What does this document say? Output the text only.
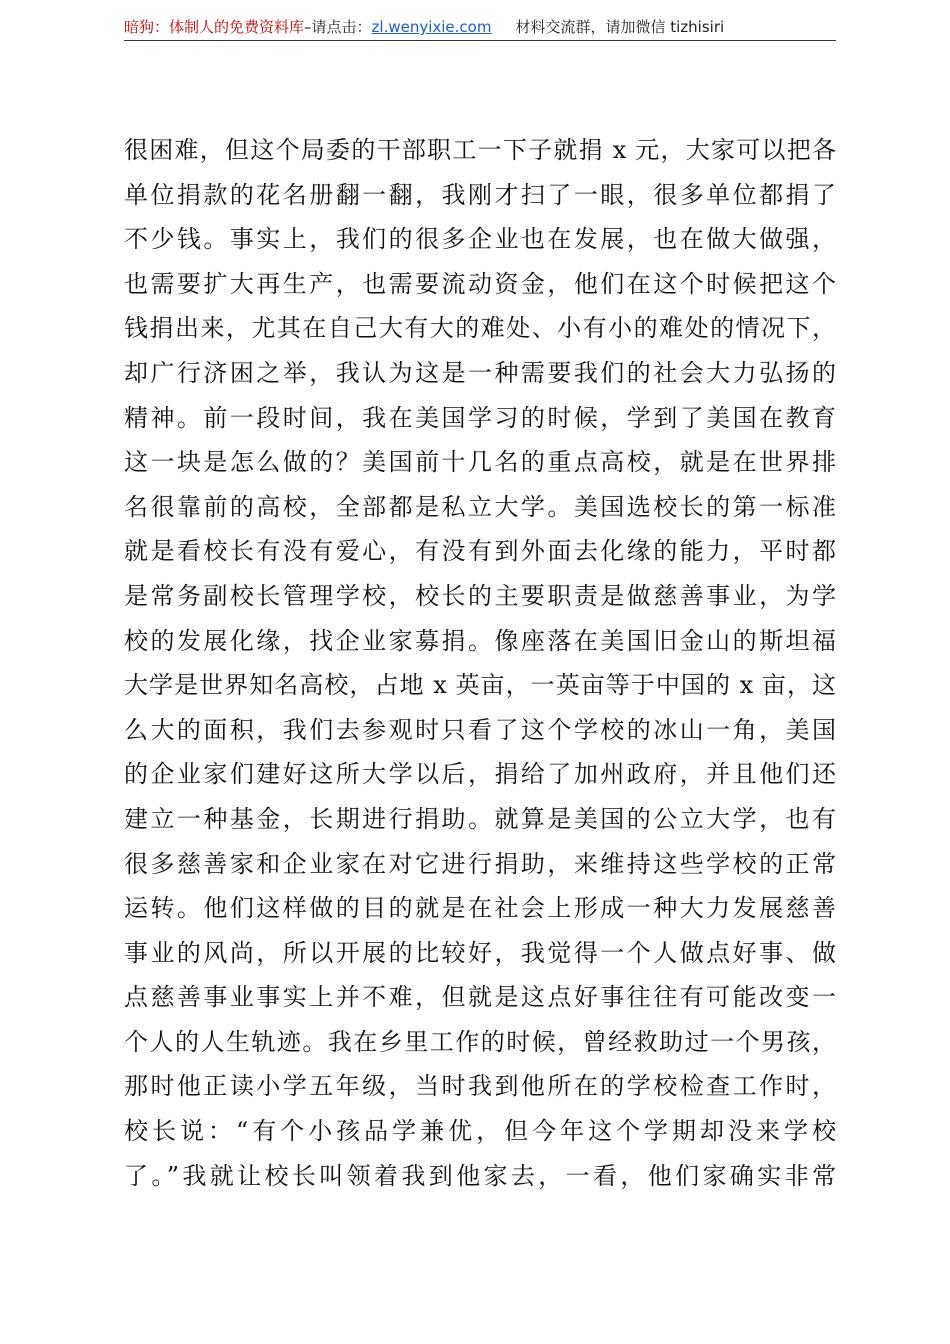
暗狗：体制人的免费资料库–请点击：zl.wenyixie.com 材料交流群，请加微信 tizhisiri
很困难，但这个局委的干部职工一下子就捐 x 元，大家可以把各
单位捐款的花名册翻一翻，我刚才扫了一眼，很多单位都捐了
不少钱。事实上，我们的很多企业也在发展，也在做大做强，
也需要扩大再生产，也需要流动资金，他们在这个时候把这个
钱捐出来，尤其在自己大有大的难处、小有小的难处的情况下，
却广行济困之举，我认为这是一种需要我们的社会大力弘扬的
精神。前一段时间，我在美国学习的时候，学到了美国在教育
这一块是怎么做的？美国前十几名的重点高校，就是在世界排
名很靠前的高校，全部都是私立大学。美国选校长的第一标准
就是看校长有没有爱心，有没有到外面去化缘的能力，平时都
是常务副校长管理学校，校长的主要职责是做慈善事业，为学
校的发展化缘，找企业家募捐。像座落在美国旧金山的斯坦福
大学是世界知名高校，占地 x 英亩，一英亩等于中国的 x 亩，这
么大的面积，我们去参观时只看了这个学校的冰山一角，美国
的企业家们建好这所大学以后，捐给了加州政府，并且他们还
建立一种基金，长期进行捐助。就算是美国的公立大学，也有
很多慈善家和企业家在对它进行捐助，来维持这些学校的正常
运转。他们这样做的目的就是在社会上形成一种大力发展慈善
事业的风尚，所以开展的比较好，我觉得一个人做点好事、做
点慈善事业事实上并不难，但就是这点好事往往有可能改变一
个人的人生轨迹。我在乡里工作的时候，曾经救助过一个男孩，
那时他正读小学五年级，当时我到他所在的学校检查工作时，
校长说：“有个小孩品学兼优，但今年这个学期却没来学校
了。”我就让校长叫领着我到他家去，一看，他们家确实非常
